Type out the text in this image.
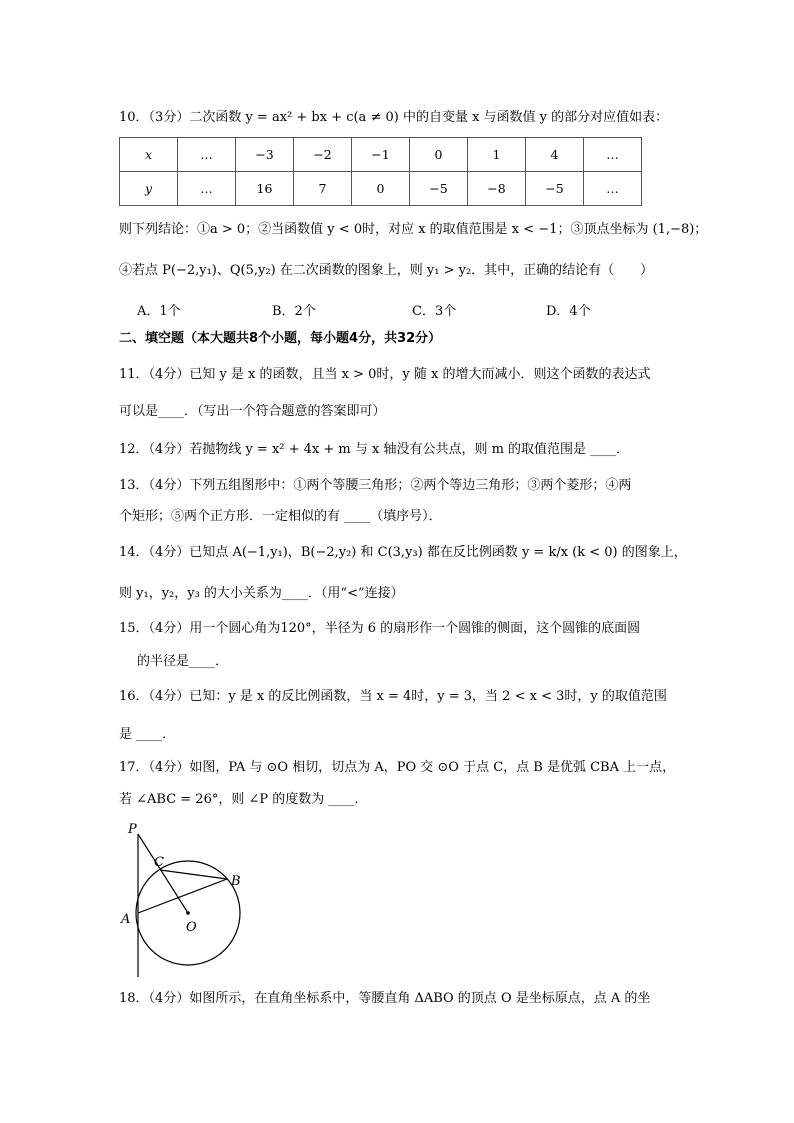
10．（3分）二次函数 y = ax² + bx + c(a ≠ 0) 中的自变量 x 与函数值 y 的部分对应值如表：
x	…	−3	−2	−1	0	1	4	…
y	…	16	7	0	−5	−8	−5	…
则下列结论：①a > 0；②当函数值 y < 0时，对应 x 的取值范围是 x < −1；③顶点坐标为 (1,−8)；
④若点 P(−2,y₁)、Q(5,y₂) 在二次函数的图象上，则 y₁ > y₂．其中，正确的结论有（　　）
A．1个	B．2个	C．3个	D．4个
二、填空题（本大题共8个小题，每小题4分，共32分）
11．（4分）已知 y 是 x 的函数，且当 x > 0时，y 随 x 的增大而减小．则这个函数的表达式
可以是____．（写出一个符合题意的答案即可）
12．（4分）若抛物线 y = x² + 4x + m 与 x 轴没有公共点，则 m 的取值范围是 ____．
13．（4分）下列五组图形中：①两个等腰三角形；②两个等边三角形；③两个菱形；④两
个矩形；⑤两个正方形．一定相似的有 ____（填序号）．
14．（4分）已知点 A(−1,y₁)，B(−2,y₂) 和 C(3,y₃) 都在反比例函数 y = k/x (k < 0) 的图象上，
则 y₁，y₂，y₃ 的大小关系为____．（用“<”连接）
15．（4分）用一个圆心角为120°，半径为 6 的扇形作一个圆锥的侧面，这个圆锥的底面圆
的半径是____．
16．（4分）已知：y 是 x 的反比例函数，当 x = 4时，y = 3，当 2 < x < 3时，y 的取值范围
是 ____．
17．（4分）如图，PA 与 ⊙O 相切，切点为 A，PO 交 ⊙O 于点 C，点 B 是优弧 CBA 上一点，
若 ∠ABC = 26°，则 ∠P 的度数为 ____．
P
C
B
A
O
18．（4分）如图所示，在直角坐标系中，等腰直角 ΔABO 的顶点 O 是坐标原点，点 A 的坐
